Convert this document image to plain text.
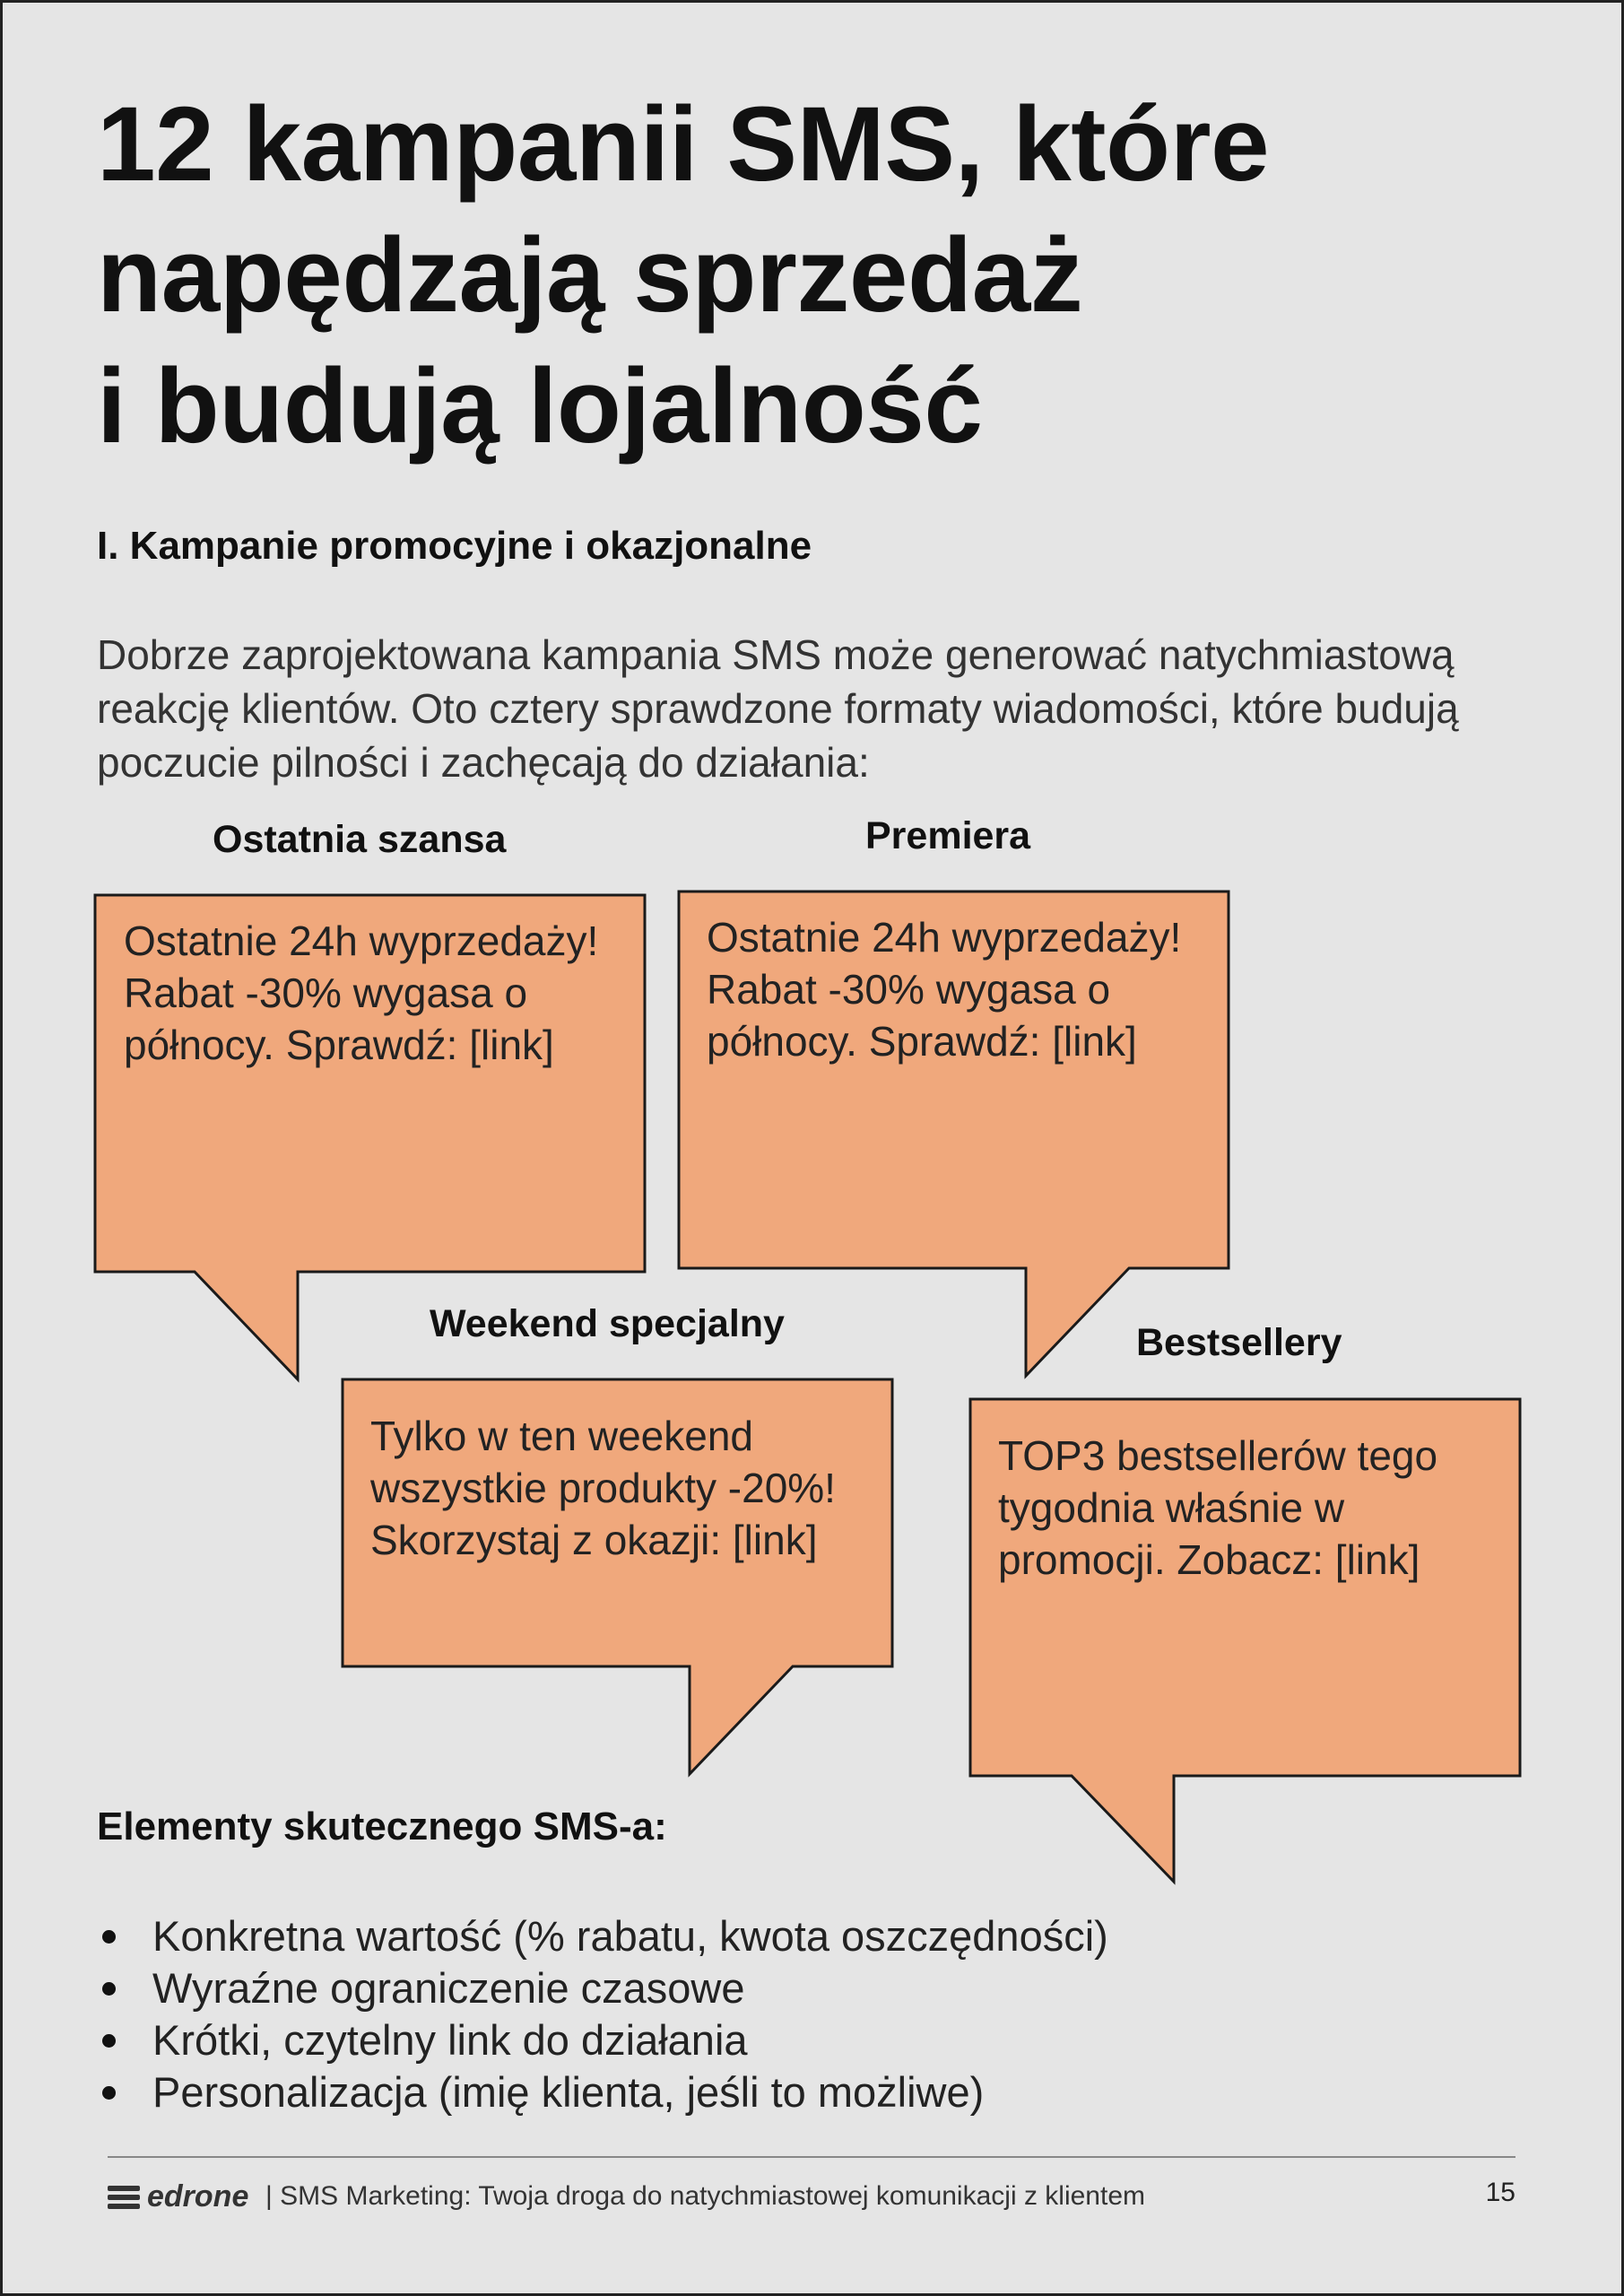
12 kampanii SMS, które
napędzają sprzedaż
i budują lojalność
I. Kampanie promocyjne i okazjonalne

Dobrze zaprojektowana kampania SMS może generować natychmiastową reakcję klientów. Oto cztery sprawdzone formaty wiadomości, które budują poczucie pilności i zachęcają do działania:

Ostatnia szansa	Premiera
Weekend specjalny	Bestsellery

Ostatnie 24h wyprzedaży! Rabat -30% wygasa o północy. Sprawdź: [link]

Ostatnie 24h wyprzedaży! Rabat -30% wygasa o północy. Sprawdź: [link]

Tylko w ten weekend wszystkie produkty -20%! Skorzystaj z okazji: [link]

TOP3 bestsellerów tego tygodnia właśnie w promocji. Zobacz: [link]

Elementy skutecznego SMS-a:
Konkretna wartość (% rabatu, kwota oszczędności)
Wyraźne ograniczenie czasowe
Krótki, czytelny link do działania
Personalizacja (imię klienta, jeśli to możliwe)
edrone | SMS Marketing: Twoja droga do natychmiastowej komunikacji z klientem	15
